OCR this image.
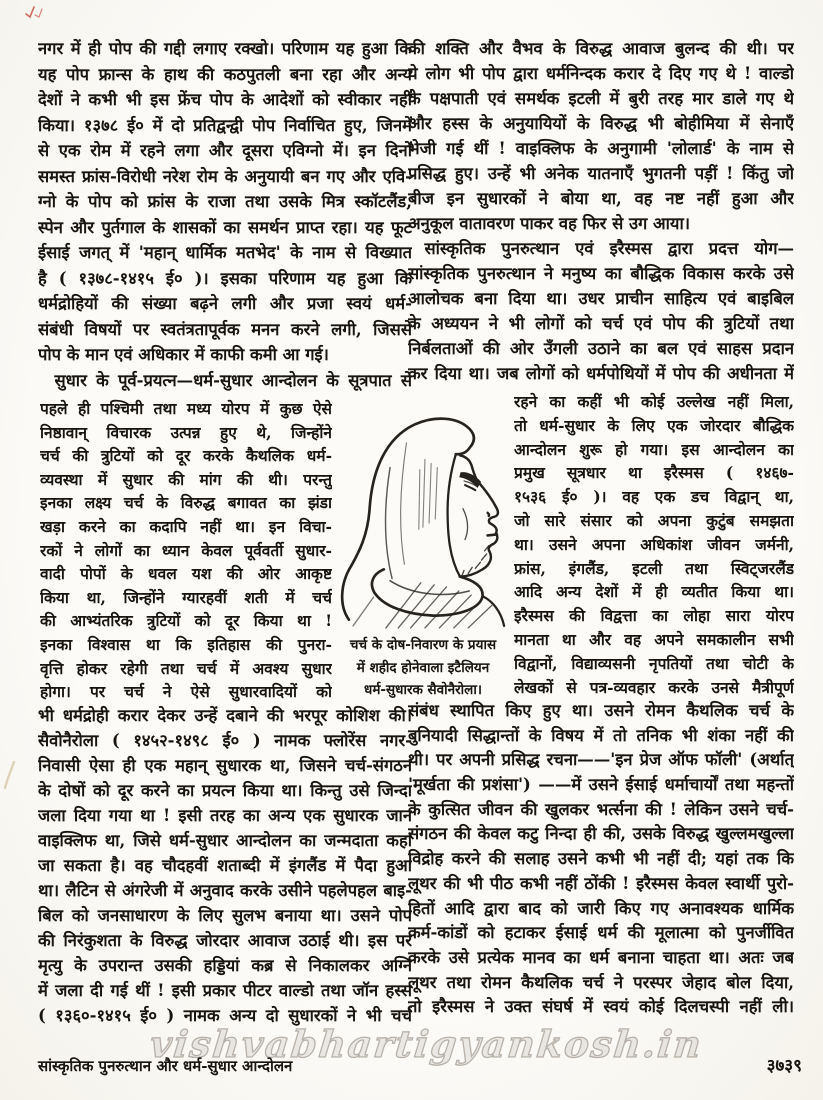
नगर में ही पोप की गद्दी लगाए रक्खो। परिणाम यह हुआ कि
यह पोप फ्रान्स के हाथ की कठपुतली बना रहा और अन्य
देशों ने कभी भी इस फ्रेंच पोप के आदेशों को स्वीकार नहीं
किया। १३७८ ई० में दो प्रतिद्वन्द्वी पोप निर्वाचित हुए, जिनमें
से एक रोम में रहने लगा और दूसरा एविग्नो में। इन दिनों
समस्त फ्रांस-विरोधी नरेश रोम के अनुयायी बन गए और एवि-
ग्नो के पोप को फ्रांस के राजा तथा उसके मित्र स्कॉटलैंड,
स्पेन और पुर्तगाल के शासकों का समर्थन प्राप्त रहा। यह फूट
ईसाई जगत् में 'महान् धार्मिक मतभेद' के नाम से विख्यात
है ( १३७८-१४१५ ई० )। इसका परिणाम यह हुआ कि
धर्मद्रोहियों की संख्या बढ़ने लगी और प्रजा स्वयं धर्म-
संबंधी विषयों पर स्वतंत्रतापूर्वक मनन करने लगी, जिससे
पोप के मान एवं अधिकार में काफी कमी आ गई।
 सुधार के पूर्व-प्रयत्न—धर्म-सुधार आन्दोलन के सूत्रपात से
पहले ही पश्चिमी तथा मध्य योरप में कुछ ऐसे
निष्ठावान् विचारक उत्पन्न हुए थे, जिन्होंने
चर्च की त्रुटियों को दूर करके कैथलिक धर्म-
व्यवस्था में सुधार की मांग की थी। परन्तु
इनका लक्ष्य चर्च के विरुद्ध बगावत का झंडा
खड़ा करने का कदापि नहीं था। इन विचा-
रकों ने लोगों का ध्यान केवल पूर्ववर्ती सुधार-
वादी पोपों के धवल यश की ओर आकृष्ट
किया था, जिन्होंने ग्यारहवीं शती में चर्च
की आभ्यंतरिक त्रुटियों को दूर किया था !
इनका विश्वास था कि इतिहास की पुनरा-
वृत्ति होकर रहेगी तथा चर्च में अवश्य सुधार
होगा। पर चर्च ने ऐसे सुधारवादियों को
भी धर्मद्रोही करार देकर उन्हें दबाने की भरपूर कोशिश की।
सैवोनैरोला ( १४५२-१४९८ ई० ) नामक फ्लोरेंस नगर-
निवासी ऐसा ही एक महान् सुधारक था, जिसने चर्च-संगठन
के दोषों को दूर करने का प्रयत्न किया था। किन्तु उसे जिन्दा
जला दिया गया था ! इसी तरह का अन्य एक सुधारक जान
वाइक्लिफ था, जिसे धर्म-सुधार आन्दोलन का जन्मदाता कहा
जा सकता है। वह चौदहवीं शताब्दी में इंगलैंड में पैदा हुआ
था। लैटिन से अंगरेजी में अनुवाद करके उसीने पहलेपहल बाइ-
बिल को जनसाधारण के लिए सुलभ बनाया था। उसने पोप
की निरंकुशता के विरुद्ध जोरदार आवाज उठाई थी। इस पर
मृत्यु के उपरान्त उसकी हड्डियां कब्र से निकालकर अग्नि
में जला दी गई थीं ! इसी प्रकार पीटर वाल्डो तथा जॉन हस्स
( १३६०-१४१५ ई० ) नामक अन्य दो सुधारकों ने भी चर्च
की शक्ति और वैभव के विरुद्ध आवाज बुलन्द की थी। पर
ये लोग भी पोप द्वारा धर्मनिन्दक करार दे दिए गए थे ! वाल्डो
के पक्षपाती एवं समर्थक इटली में बुरी तरह मार डाले गए थे
और हस्स के अनुयायियों के विरुद्ध भी बोहीमिया में सेनाएँ
भेजी गई थीं ! वाइक्लिफ के अनुगामी 'लोलार्ड' के नाम से
प्रसिद्ध हुए। उन्हें भी अनेक यातनाएँ भुगतनी पड़ीं ! किंतु जो
बीज इन सुधारकों ने बोया था, वह नष्ट नहीं हुआ और
अनुकूल वातावरण पाकर वह फिर से उग आया।
 सांस्कृतिक पुनरुत्थान एवं इरैस्मस द्वारा प्रदत्त योग—
सांस्कृतिक पुनरुत्थान ने मनुष्य का बौद्धिक विकास करके उसे
आलोचक बना दिया था। उधर प्राचीन साहित्य एवं बाइबिल
के अध्ययन ने भी लोगों को चर्च एवं पोप की त्रुटियों तथा
निर्बलताओं की ओर उँगली उठाने का बल एवं साहस प्रदान
कर दिया था। जब लोगों को धर्मपोथियों में पोप की अधीनता में
रहने का कहीं भी कोई उल्लेख नहीं मिला,
तो धर्म-सुधार के लिए एक जोरदार बौद्धिक
आन्दोलन शुरू हो गया। इस आन्दोलन का
प्रमुख सूत्रधार था इरैस्मस ( १४६७-
१५३६ ई० )। वह एक डच विद्वान् था,
जो सारे संसार को अपना कुटुंब समझता
था। उसने अपना अधिकांश जीवन जर्मनी,
फ्रांस, इंगलैंड, इटली तथा स्विट्जरलैंड
आदि अन्य देशों में ही व्यतीत किया था।
इरैस्मस की विद्वत्ता का लोहा सारा योरप
मानता था और वह अपने समकालीन सभी
विद्वानों, विद्याव्यसनी नृपतियों तथा चोटी के
लेखकों से पत्र-व्यवहार करके उनसे मैत्रीपूर्ण
संबंध स्थापित किए हुए था। उसने रोमन कैथलिक चर्च के
बुनियादी सिद्धान्तों के विषय में तो तनिक भी शंका नहीं की
थी। पर अपनी प्रसिद्ध रचना——'इन प्रेज ऑफ फॉली' (अर्थात्
'मूर्खता की प्रशंसा') ——में उसने ईसाई धर्माचार्यों तथा महन्तों
के कुत्सित जीवन की खुलकर भर्त्सना की ! लेकिन उसने चर्च-
संगठन की केवल कटु निन्दा ही की, उसके विरुद्ध खुल्लमखुल्ला
विद्रोह करने की सलाह उसने कभी भी नहीं दी; यहां तक कि
लूथर की भी पीठ कभी नहीं ठोंकी ! इरैस्मस केवल स्वार्थी पुरो-
हितों आदि द्वारा बाद को जारी किए गए अनावश्यक धार्मिक
कर्म-कांडों को हटाकर ईसाई धर्म की मूलात्मा को पुनर्जीवित
करके उसे प्रत्येक मानव का धर्म बनाना चाहता था। अतः जब
लूथर तथा रोमन कैथलिक चर्च ने परस्पर जेहाद बोल दिया,
तो इरैस्मस ने उक्त संघर्ष में स्वयं कोई दिलचस्पी नहीं ली।
चर्च के दोष-निवारण के प्रयास
में शहीद होनेवाला इटैलियन
धर्म-सुधारक सैवोनैरोला।
vishvabhartigyankosh.in
सांस्कृतिक पुनरुत्थान और धर्म-सुधार आन्दोलन	३७३९
